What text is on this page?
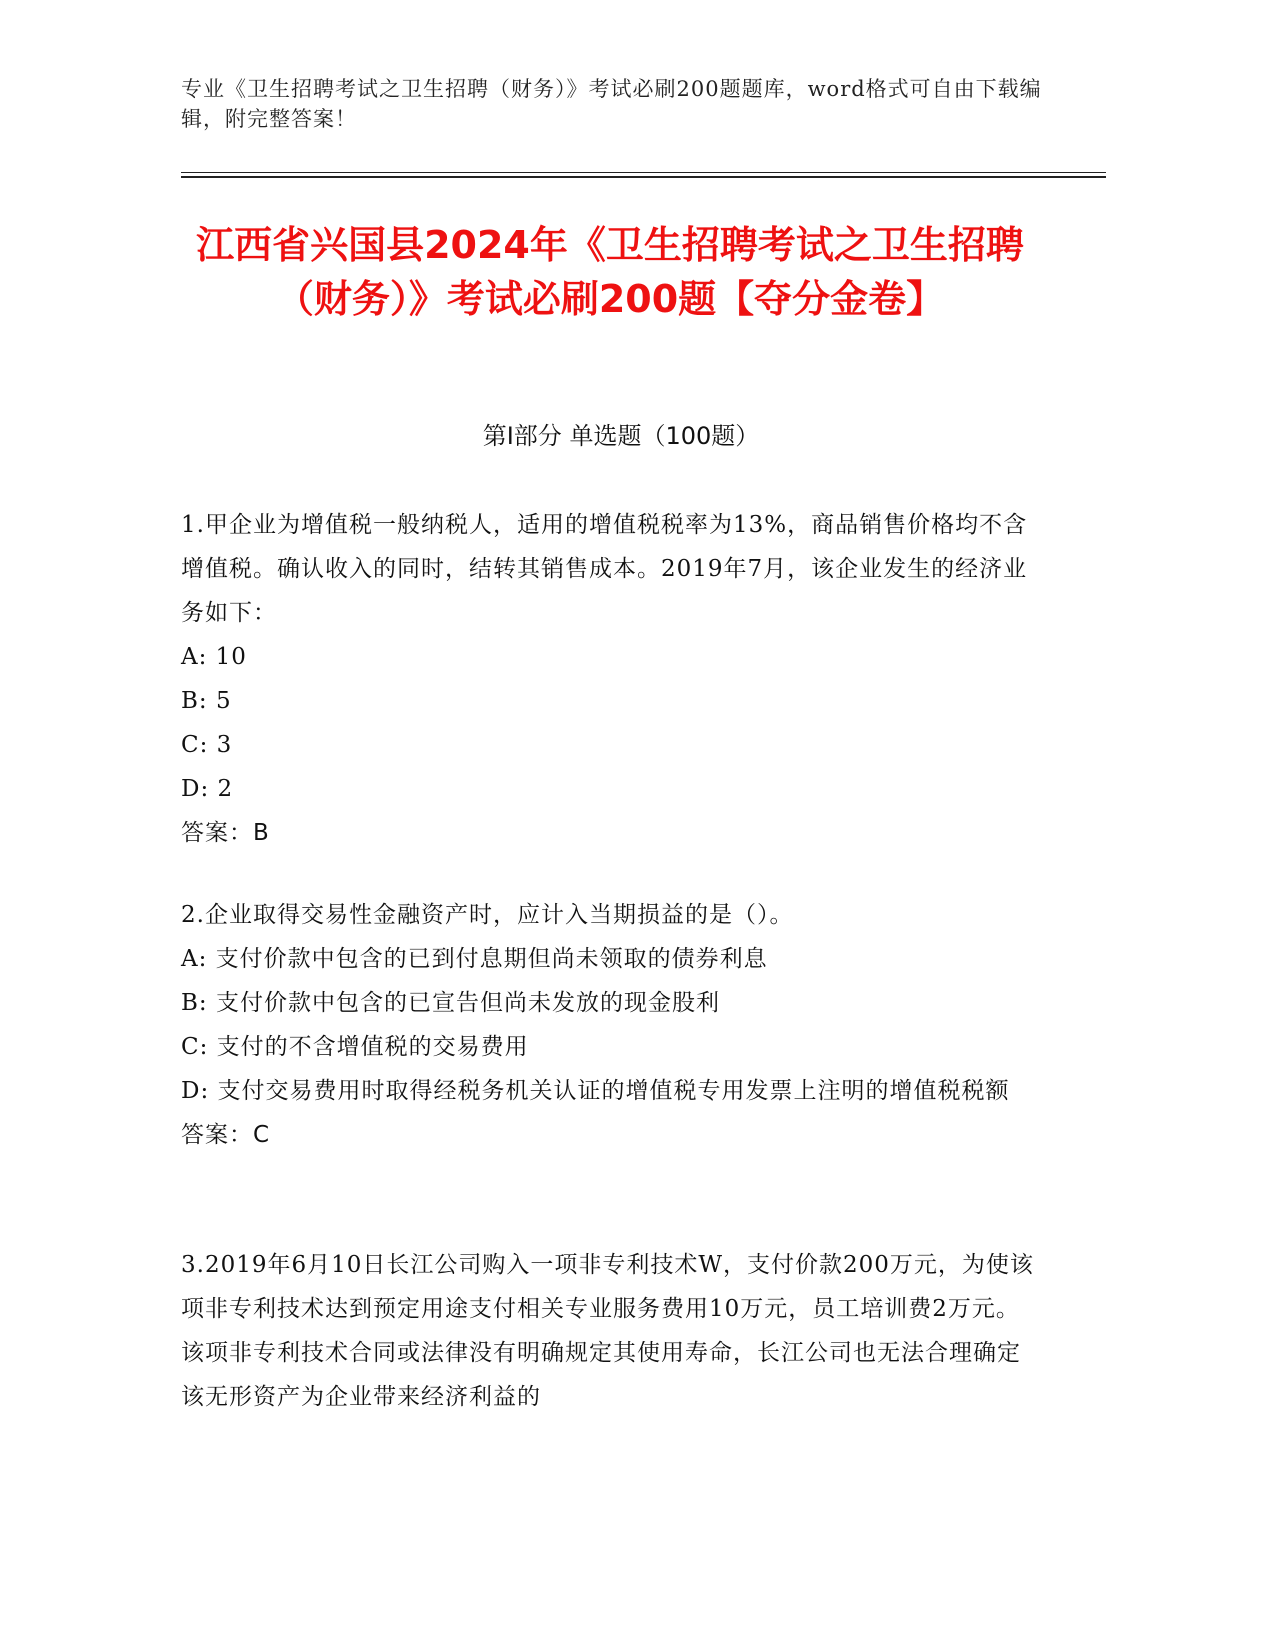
专业《卫生招聘考试之卫生招聘（财务）》考试必刷200题题库，word格式可自由下载编辑，附完整答案！
江西省兴国县2024年《卫生招聘考试之卫生招聘（财务）》考试必刷200题【夺分金卷】
第Ⅰ部分 单选题（100题）

1.甲企业为增值税一般纳税人，适用的增值税税率为13%，商品销售价格均不含增值税。确认收入的同时，结转其销售成本。2019年7月，该企业发生的经济业务如下：

A: 10

B: 5

C: 3

D: 2

答案：B

2.企业取得交易性金融资产时，应计入当期损益的是（）。

A: 支付价款中包含的已到付息期但尚未领取的债券利息

B: 支付价款中包含的已宣告但尚未发放的现金股利

C: 支付的不含增值税的交易费用

D: 支付交易费用时取得经税务机关认证的增值税专用发票上注明的增值税税额

答案：C

3.2019年6月10日长江公司购入一项非专利技术W，支付价款200万元，为使该项非专利技术达到预定用途支付相关专业服务费用10万元，员工培训费2万元。该项非专利技术合同或法律没有明确规定其使用寿命，长江公司也无法合理确定该无形资产为企业带来经济利益的
